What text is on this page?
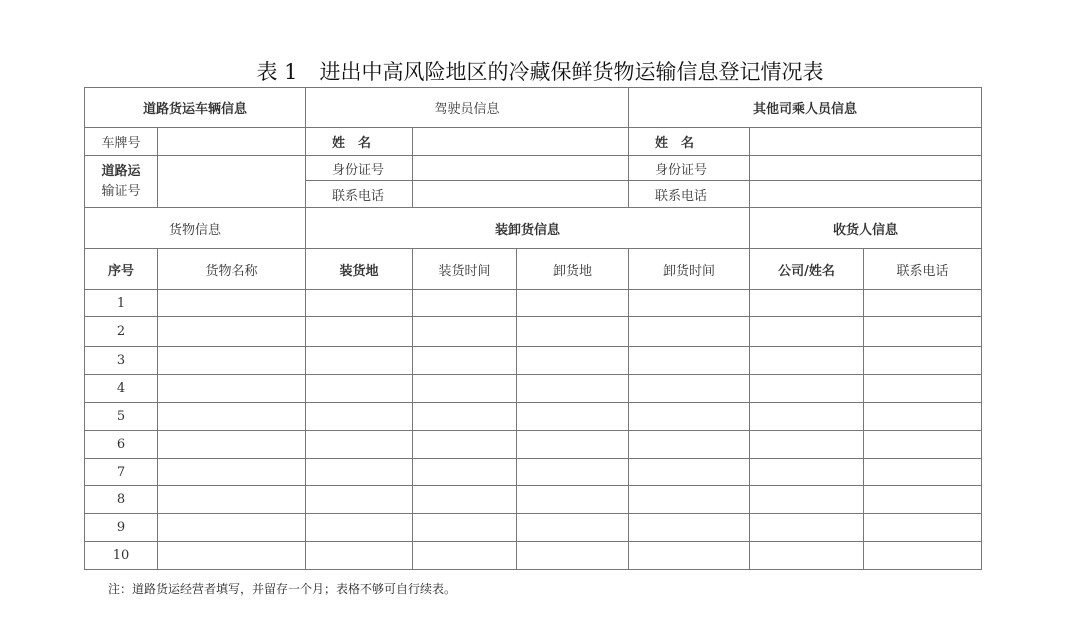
表 1 进出中高风险地区的冷藏保鲜货物运输信息登记情况表
道路货运车辆信息		驾驶员信息			其他司乘人员信息		
车牌号		姓　名			姓　名		

道路运
输证号		身份证号			身份证号		
		联系电话			联系电话		
货物信息		装卸货信息				收货人信息	
序号	货物名称	装货地	装货时间	卸货地	卸货时间	公司/姓名	联系电话
1							
2							
3							
4							
5							
6							
7							
8							
9							
10							
注：道路货运经营者填写，并留存一个月；表格不够可自行续表。
